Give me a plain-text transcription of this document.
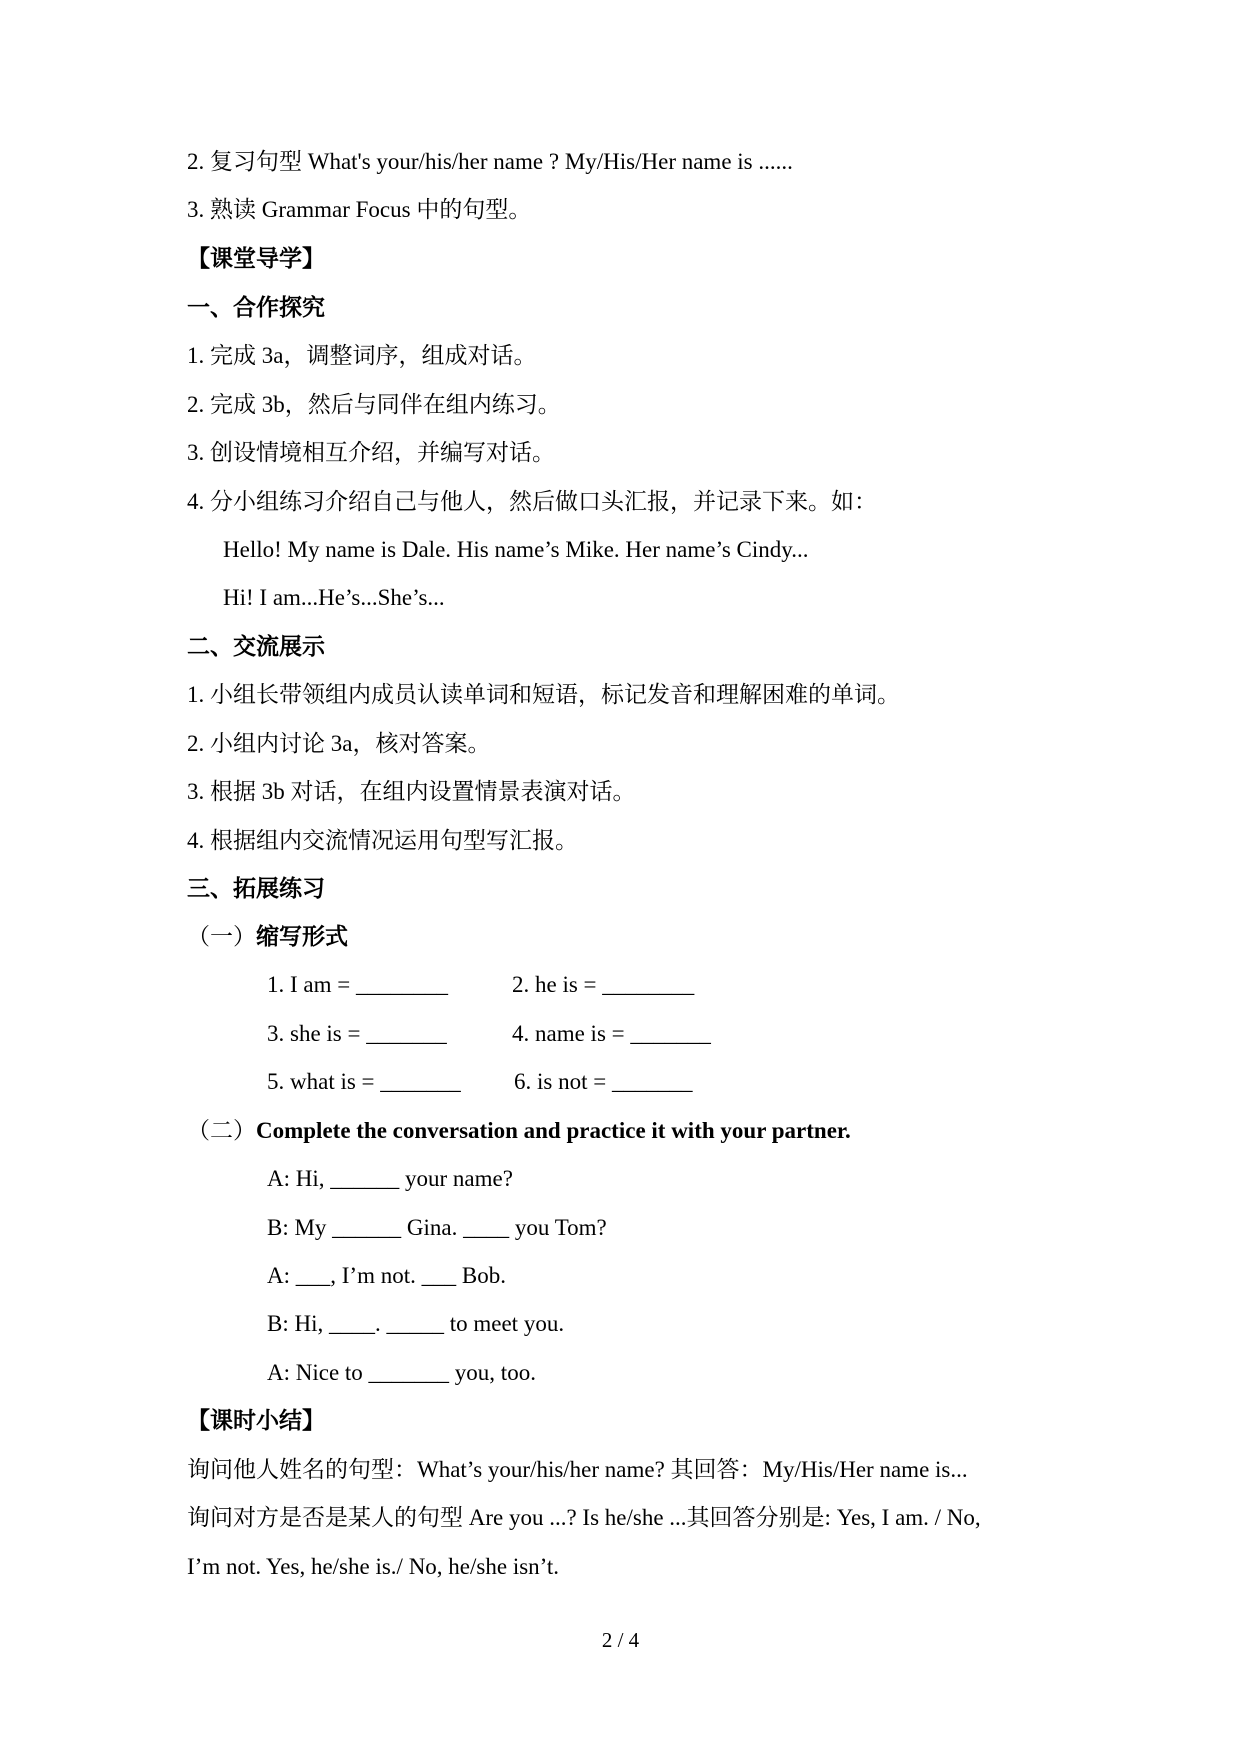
2. 复习句型 What's your/his/her name ? My/His/Her name is ......
3. 熟读 Grammar Focus 中的句型。
【课堂导学】
一、合作探究
1. 完成 3a，调整词序，组成对话。
2. 完成 3b，然后与同伴在组内练习。
3. 创设情境相互介绍，并编写对话。
4. 分小组练习介绍自己与他人，然后做口头汇报，并记录下来。如：
Hello! My name is Dale. His name’s Mike. Her name’s Cindy...
Hi! I am...He’s...She’s...
二、交流展示
1. 小组长带领组内成员认读单词和短语，标记发音和理解困难的单词。
2. 小组内讨论 3a，核对答案。
3. 根据 3b 对话，在组内设置情景表演对话。
4. 根据组内交流情况运用句型写汇报。
三、拓展练习
（一）缩写形式
1. I am = ________	2. he is = ________
3. she is = _______	4. name is = _______
5. what is = _______ 6. is not = _______
（二）Complete the conversation and practice it with your partner.
A: Hi, ______ your name?
B: My ______ Gina. ____ you Tom?
A: ___, I’m not. ___ Bob.
B: Hi, ____. _____ to meet you.
A: Nice to _______ you, too.
【课时小结】
询问他人姓名的句型：What’s your/his/her name? 其回答：My/His/Her name is...
询问对方是否是某人的句型 Are you ...? Is he/she ...其回答分别是: Yes, I am. / No,
I’m not. Yes, he/she is./ No, he/she isn’t.
2 / 4
